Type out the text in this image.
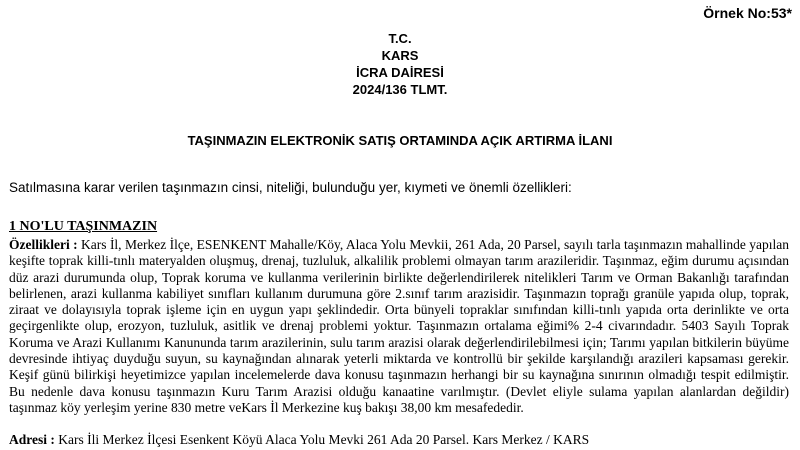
Örnek No:53*
T.C.
KARS
İCRA DAİRESİ
2024/136 TLMT.
TAŞINMAZIN ELEKTRONİK SATIŞ ORTAMINDA AÇIK ARTIRMA İLANI
Satılmasına karar verilen taşınmazın cinsi, niteliği, bulunduğu yer, kıymeti ve önemli özellikleri:
1 NO'LU TAŞINMAZIN
Özellikleri : Kars İl, Merkez İlçe, ESENKENT Mahalle/Köy, Alaca Yolu Mevkii, 261 Ada, 20 Parsel, sayılı tarla taşınmazın mahallinde yapılan keşifte toprak killi-tınlı materyalden oluşmuş, drenaj, tuzluluk, alkalilik problemi olmayan tarım arazileridir. Taşınmaz, eğim durumu açısından düz arazi durumunda olup, Toprak koruma ve kullanma verilerinin birlikte değerlendirilerek nitelikleri Tarım ve Orman Bakanlığı tarafından belirlenen, arazi kullanma kabiliyet sınıfları kullanım durumuna göre 2.sınıf tarım arazisidir. Taşınmazın toprağı granüle yapıda olup, toprak, ziraat ve dolayısıyla toprak işleme için en uygun yapı şeklindedir. Orta bünyeli topraklar sınıfından killi-tınlı yapıda orta derinlikte ve orta geçirgenlikte olup, erozyon, tuzluluk, asitlik ve drenaj problemi yoktur. Taşınmazın ortalama eğimi% 2-4 civarındadır. 5403 Sayılı Toprak Koruma ve Arazi Kullanımı Kanununda tarım arazilerinin, sulu tarım arazisi olarak değerlendirilebilmesi için; Tarımı yapılan bitkilerin büyüme devresinde ihtiyaç duyduğu suyun, su kaynağından alınarak yeterli miktarda ve kontrollü bir şekilde karşılandığı arazileri kapsaması gerekir. Keşif günü bilirkişi heyetimizce yapılan incelemelerde dava konusu taşınmazın herhangi bir su kaynağına sınırının olmadığı tespit edilmiştir. Bu nedenle dava konusu taşınmazın Kuru Tarım Arazisi olduğu kanaatine varılmıştır. (Devlet eliyle sulama yapılan alanlardan değildir) taşınmaz köy yerleşim yerine 830 metre veKars İl Merkezine kuş bakışı 38,00 km mesafededir.
Adresi : Kars İli Merkez İlçesi Esenkent Köyü Alaca Yolu Mevki 261 Ada 20 Parsel. Kars Merkez / KARS
